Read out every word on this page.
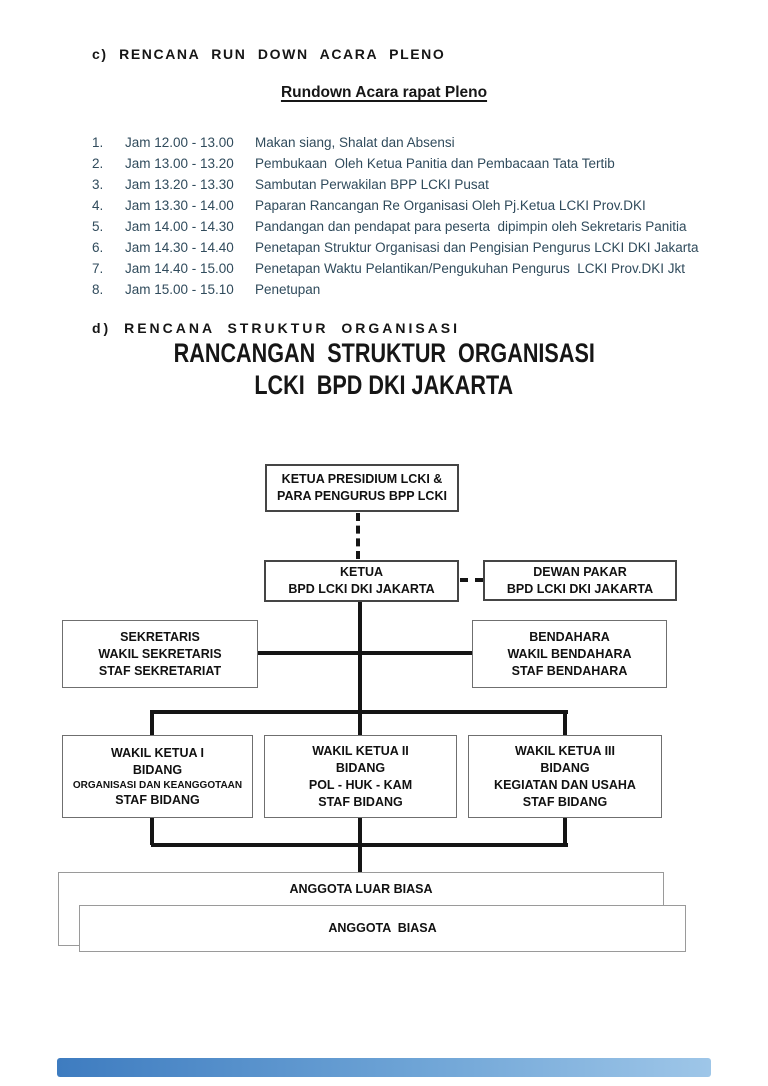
c) RENCANA RUN DOWN ACARA PLENO
Rundown Acara rapat Pleno
1.	Jam 12.00 - 13.00	Makan siang, Shalat dan Absensi
2.	Jam 13.00 - 13.20	Pembukaan  Oleh Ketua Panitia dan Pembacaan Tata Tertib
3.	Jam 13.20 - 13.30	Sambutan Perwakilan BPP LCKI Pusat
4.	Jam 13.30 - 14.00	Paparan Rancangan Re Organisasi Oleh Pj.Ketua LCKI Prov.DKI
5.	Jam 14.00 - 14.30	Pandangan dan pendapat para peserta  dipimpin oleh Sekretaris Panitia
6.	Jam 14.30 - 14.40	Penetapan Struktur Organisasi dan Pengisian Pengurus LCKI DKI Jakarta
7.	Jam 14.40 - 15.00	Penetapan Waktu Pelantikan/Pengukuhan Pengurus  LCKI Prov.DKI Jkt
8.	Jam 15.00 - 15.10	Penetupan
d) RENCANA STRUKTUR ORGANISASI
RANCANGAN  STRUKTUR  ORGANISASI
LCKI  BPD DKI JAKARTA
KETUA PRESIDIUM LCKI &
PARA PENGURUS BPP LCKI
KETUA
BPD LCKI DKI JAKARTA
DEWAN PAKAR
BPD LCKI DKI JAKARTA
SEKRETARIS
WAKIL SEKRETARIS
STAF SEKRETARIAT
BENDAHARA
WAKIL BENDAHARA
STAF BENDAHARA
WAKIL KETUA I
BIDANG
ORGANISASI DAN KEANGGOTAAN
STAF BIDANG
WAKIL KETUA II
BIDANG
POL - HUK - KAM
STAF BIDANG
WAKIL KETUA III
BIDANG
KEGIATAN DAN USAHA
STAF BIDANG
ANGGOTA LUAR BIASA
ANGGOTA  BIASA
